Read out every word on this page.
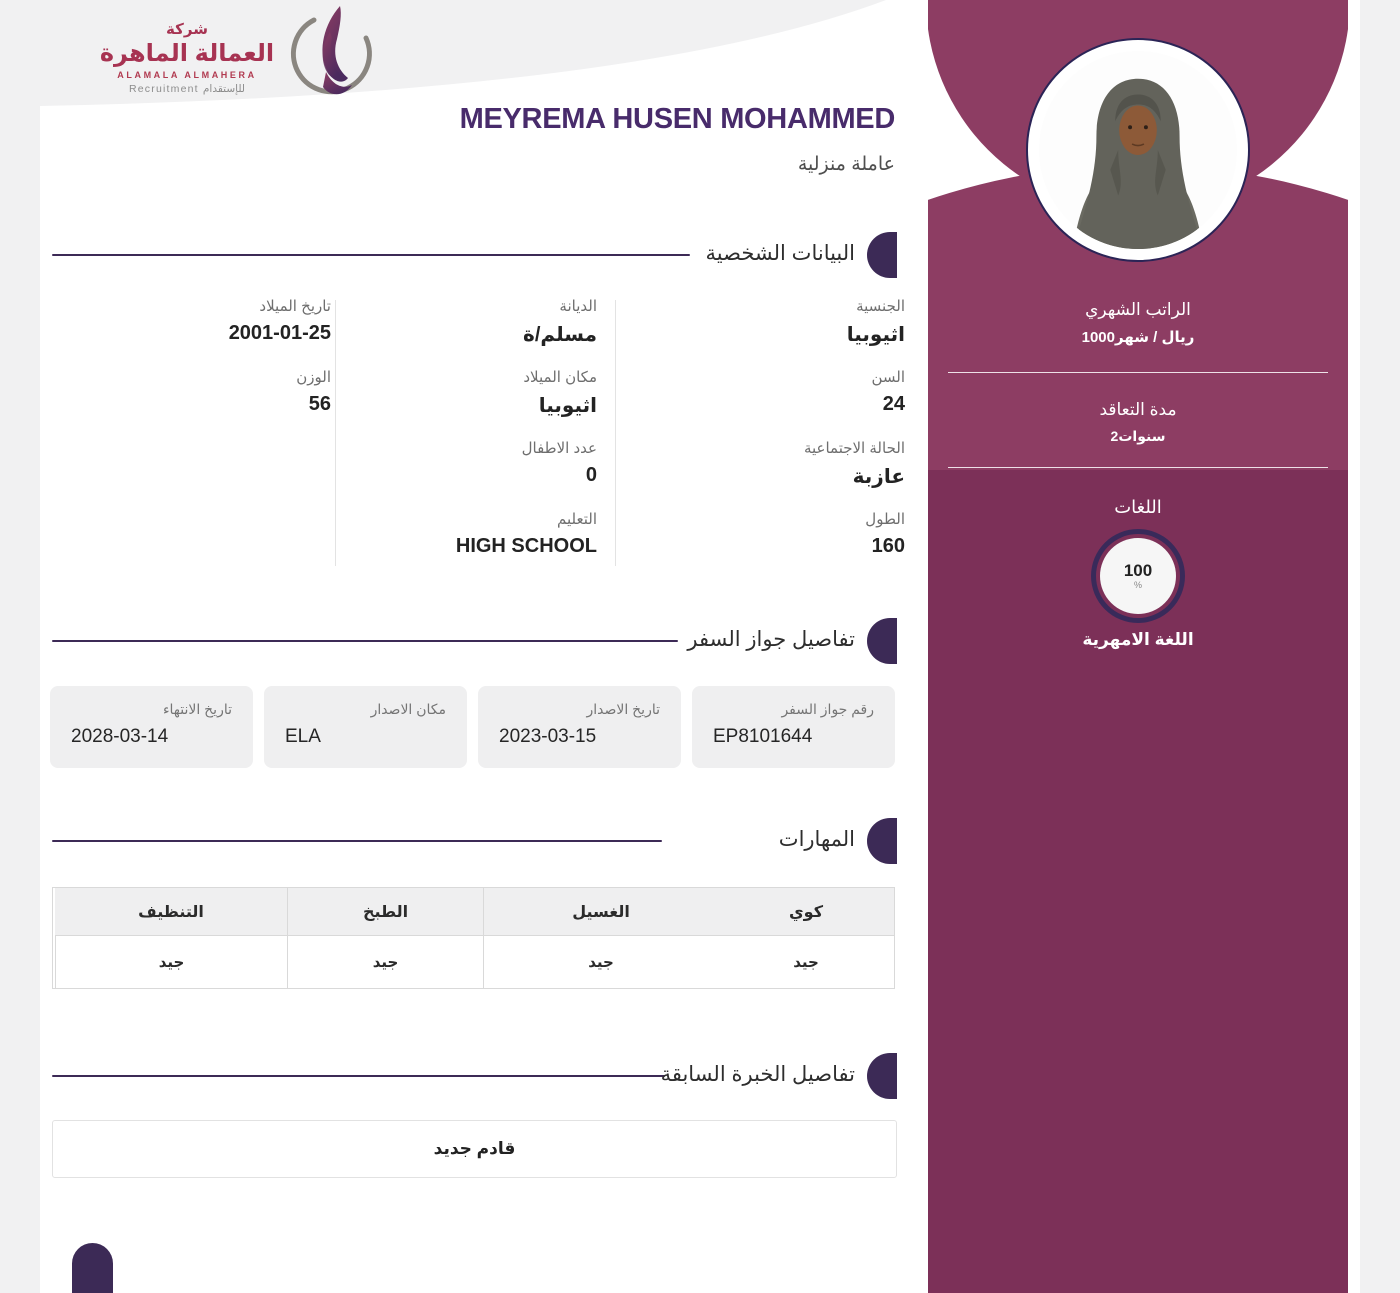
شركة
العمالة الماهرة
ALAMALA ALMAHERA
Recruitment للإستقدام
MEYREMA HUSEN MOHAMMED
عاملة منزلية
البيانات الشخصية
الجنسية
اثيوبيا
السن
24
الحالة الاجتماعية
عازبة
الطول
160
الديانة
مسلم/ة
مكان الميلاد
اثيوبيا
عدد الاطفال
0
التعليم
HIGH SCHOOL
تاريخ الميلاد
2001-01-25
الوزن
56
تفاصيل جواز السفر
رقم جواز السفر
EP8101644
تاريخ الاصدار
2023-03-15
مكان الاصدار
ELA
تاريخ الانتهاء
2028-03-14
المهارات
كوي
الغسيل
الطبخ
التنظيف
جيد
جيد
جيد
جيد
تفاصيل الخبرة السابقة
قادم جديد
الراتب الشهري
1000ريال / شهر
مدة التعاقد
2سنوات
اللغات
100
%
اللغة الامهرية
